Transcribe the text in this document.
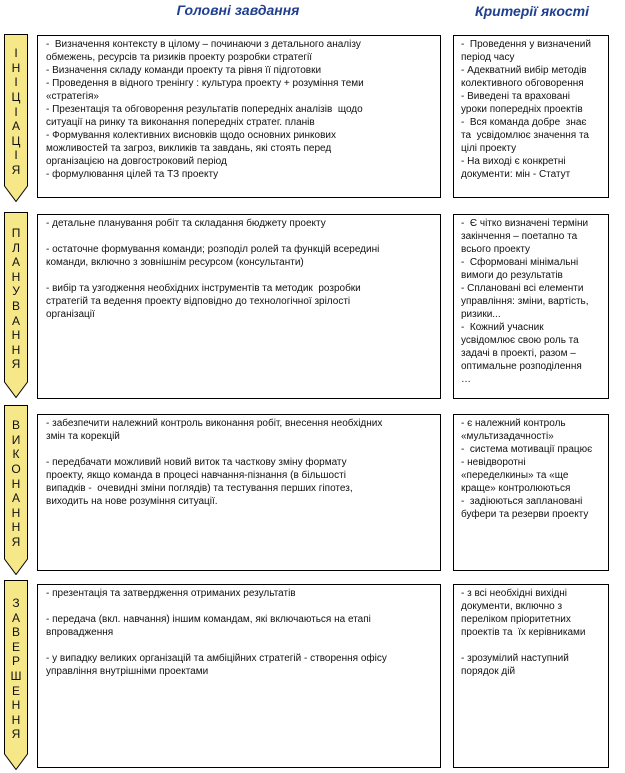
Головні завдання	Критерії якості
І
Н
І
Ц
І
А
Ц
І
Я
-  Визначення контексту в цілому – починаючи з детального аналізу
обмежень, ресурсів та ризиків проекту розробки стратегії
- Визначення складу команди проекту та рівня її підготовки
- Проведення в відного тренінгу : культура проекту + розуміння теми
«стратегія»
- Презентація та обговорення результатів попередніх аналізів  щодо
ситуації на ринку та виконання попередніх стратег. планів
- Формування колективних висновків щодо основних ринкових
можливостей та загроз, викликів та завдань, які стоять перед
організацією на довгостроковий період
- формулювання цілей та ТЗ проекту
-  Проведення у визначений
період часу
- Адекватний вибір методів
колективного обговорення
- Виведені та враховані
уроки попередніх проектів
-  Вся команда добре  знає
та  усвідомлює значення та
цілі проекту
- На виході є конкретні
документи: мін - Статут
П
Л
А
Н
У
В
А
Н
Н
Я
- детальне планування робіт та складання бюджету проекту
- остаточне формування команди; розподіл ролей та функцій всередині
команди, включно з зовнішнім ресурсом (консультанти)
- вибір та узгодження необхідних інструментів та методик  розробки
стратегій та ведення проекту відповідно до технологічної зрілості
організації
-  Є чітко визначені терміни
закінчення – поетапно та
всього проекту
-  Сформовані мінімальні
вимоги до результатів
- Сплановані всі елементи
управління: зміни, вартість,
ризики...
-  Кожний учасник
усвідомлює свою роль та
задачі в проекті, разом –
оптимальне розподілення
…
В
И
К
О
Н
А
Н
Н
Я
- забезпечити належний контроль виконання робіт, внесення необхідних
змін та корекцій
- передбачати можливий новий виток та часткову зміну формату
проекту, якщо команда в процесі навчання-пізнання (в більшості
випадків -  очевидні зміни поглядів) та тестування перших гіпотез,
виходить на нове розуміння ситуації.
- є належний контроль
«мультизадачності»
-  система мотивації працює
- невідворотні
«переделкины» та «ще
краще» контролюються
-  задіюються заплановані
буфери та резерви проекту
З
А
В
Е
Р
Ш
Е
Н
Н
Я
- презентація та затвердження отриманих результатів
- передача (вкл. навчання) іншим командам, які включаються на етапі
впровадження
- у випадку великих організацій та амбіційних стратегій - створення офісу
управління внутрішніми проектами
- з всі необхідні вихідні
документи, включно з
переліком пріоритетних
проектів та  їх керівниками
- зрозумілий наступний
порядок дій
